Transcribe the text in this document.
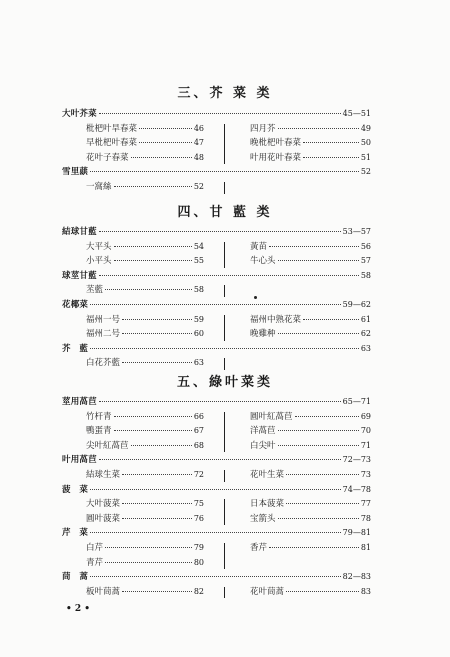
三、芥 菜 类
大叶芥菜	45—51
枇杷叶旱春菜	46	四月芥	49
早枇杷叶春菜	47	晚枇杷叶春菜	50
花叶子春菜	48	叶用花叶春菜	51
雪里蕻	52
一窩絲	52
四、甘 藍 类
結球甘藍	53—57
大平头	54	黃苗	56
小平头	55	牛心头	57
球莖甘藍	58
苤藍	58
花椰菜	59—62
福州一号	59	福州中熟花菜	61
福州二号	60	晚雞种	62
芥　藍	63
白花芥藍	63
五、綠叶菜类
莖用萵苣	65—71
竹杆青	66	圓叶紅萵苣	69
鴨蛋青	67	洋萵苣	70
尖叶紅萵苣	68	白尖叶	71
叶用萵苣	72—73
結球生菜	72	花叶生菜	73
菠　菜	74—78
大叶菠菜	75	日本菠菜	77
圓叶菠菜	76	宝箭头	78
芹　菜	79—81
白芹	79	香芹	81
青芹	80
茼　蒿	82—83
板叶茼蒿	82	花叶茼蒿	83
• 2 •
